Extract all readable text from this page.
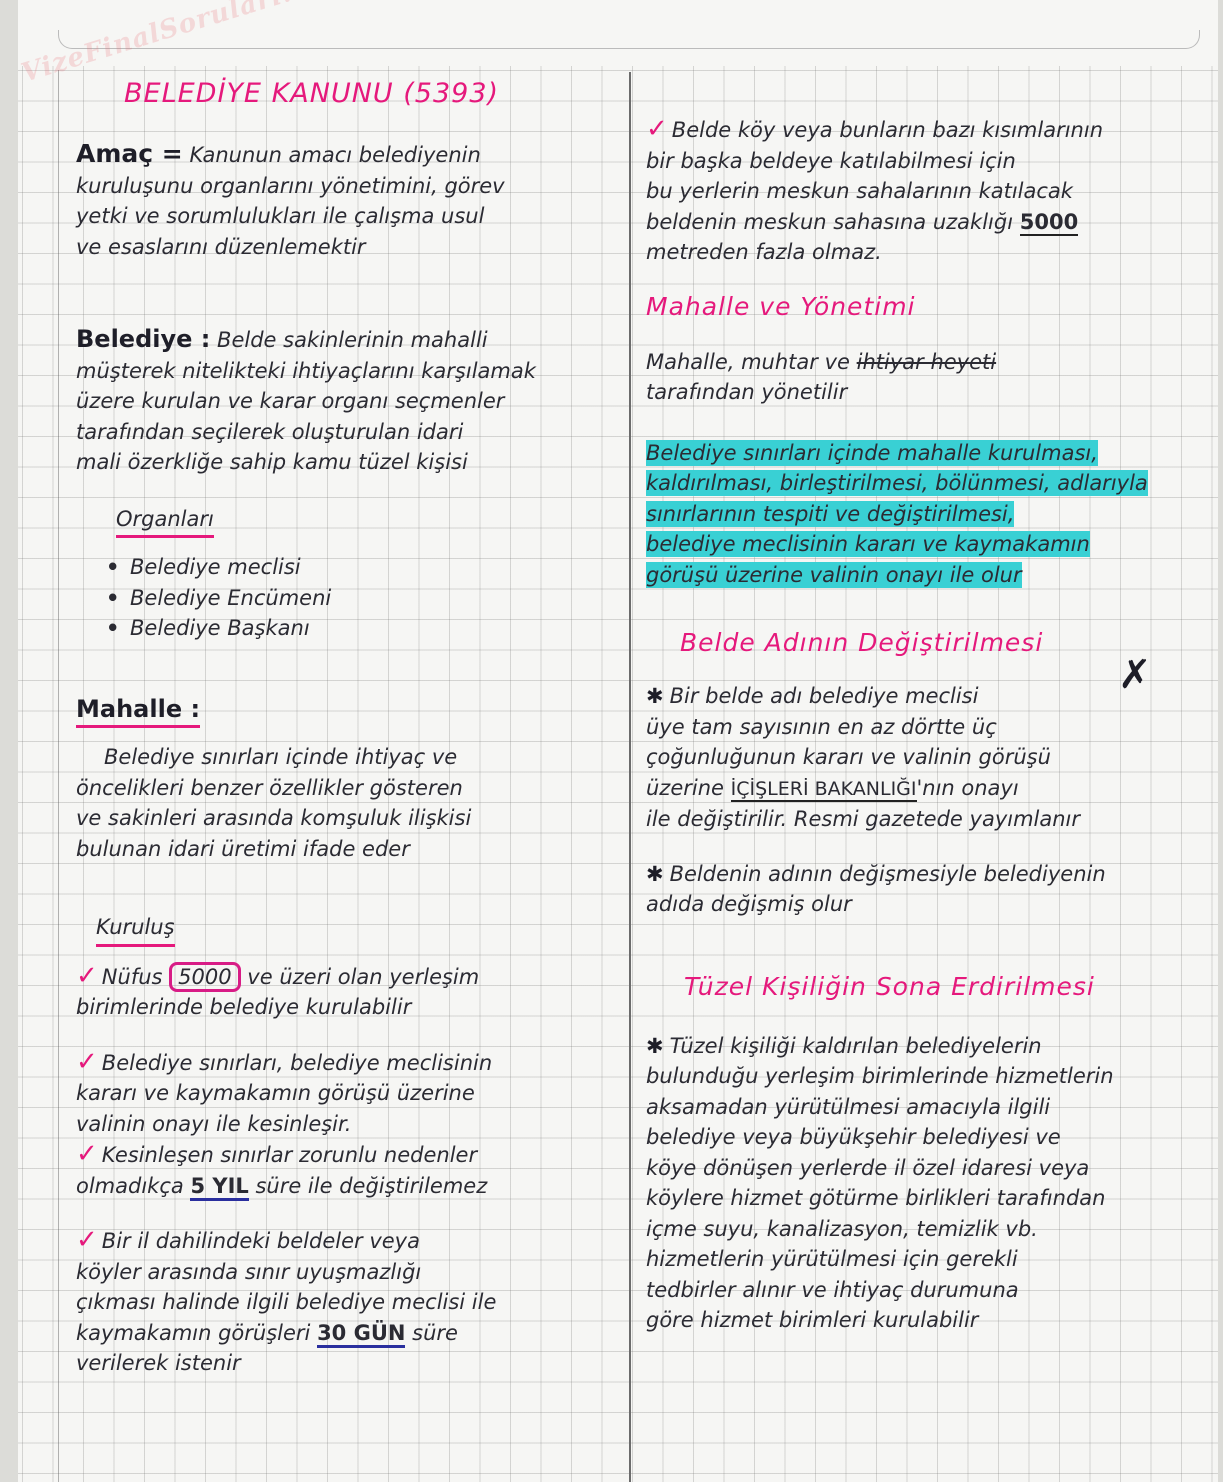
BELEDİYE KANUNU (5393)

Amaç = Kanunun amacı belediyenin

kuruluşunu organlarını yönetimini, görev

yetki ve sorumlulukları ile çalışma usul

ve esaslarını düzenlemektir

Belediye : Belde sakinlerinin mahalli

müşterek nitelikteki ihtiyaçlarını karşılamak

üzere kurulan ve karar organı seçmenler

tarafından seçilerek oluşturulan idari

mali özerkliğe sahip kamu tüzel kişisi

Organları

• Belediye meclisi
• Belediye Encümeni
• Belediye Başkanı

Mahalle :

Belediye sınırları içinde ihtiyaç ve

öncelikleri benzer özellikler gösteren

ve sakinleri arasında komşuluk ilişkisi

bulunan idari üretimi ifade eder

Kuruluş

✓ Nüfus 5000 ve üzeri olan yerleşim

birimlerinde belediye kurulabilir

✓ Belediye sınırları, belediye meclisinin

kararı ve kaymakamın görüşü üzerine

valinin onayı ile kesinleşir.

✓ Kesinleşen sınırlar zorunlu nedenler

olmadıkça 5 YIL süre ile değiştirilemez

✓ Bir il dahilindeki beldeler veya

köyler arasında sınır uyuşmazlığı

çıkması halinde ilgili belediye meclisi ile

kaymakamın görüşleri 30 GÜN süre

verilerek istenir

✓ Belde köy veya bunların bazı kısımlarının

bir başka beldeye katılabilmesi için

bu yerlerin meskun sahalarının katılacak

beldenin meskun sahasına uzaklığı 5000

metreden fazla olmaz.

Mahalle ve Yönetimi

Mahalle, muhtar ve ihtiyar heyeti

tarafından yönetilir

Belediye sınırları içinde mahalle kurulması,

kaldırılması, birleştirilmesi, bölünmesi, adlarıyla

sınırlarının tespiti ve değiştirilmesi,

belediye meclisinin kararı ve kaymakamın

görüşü üzerine valinin onayı ile olur

✗

Belde Adının Değiştirilmesi

✱ Bir belde adı belediye meclisi

üye tam sayısının en az dörtte üç

çoğunluğunun kararı ve valinin görüşü

üzerine İÇİŞLERİ BAKANLIĞI'nın onayı

ile değiştirilir. Resmi gazetede yayımlanır

✱ Beldenin adının değişmesiyle belediyenin

adıda değişmiş olur

Tüzel Kişiliğin Sona Erdirilmesi

✱ Tüzel kişiliği kaldırılan belediyelerin

bulunduğu yerleşim birimlerinde hizmetlerin

aksamadan yürütülmesi amacıyla ilgili

belediye veya büyükşehir belediyesi ve

köye dönüşen yerlerde il özel idaresi veya

köylere hizmet götürme birlikleri tarafından

içme suyu, kanalizasyon, temizlik vb.

hizmetlerin yürütülmesi için gerekli

tedbirler alınır ve ihtiyaç durumuna

göre hizmet birimleri kurulabilir
